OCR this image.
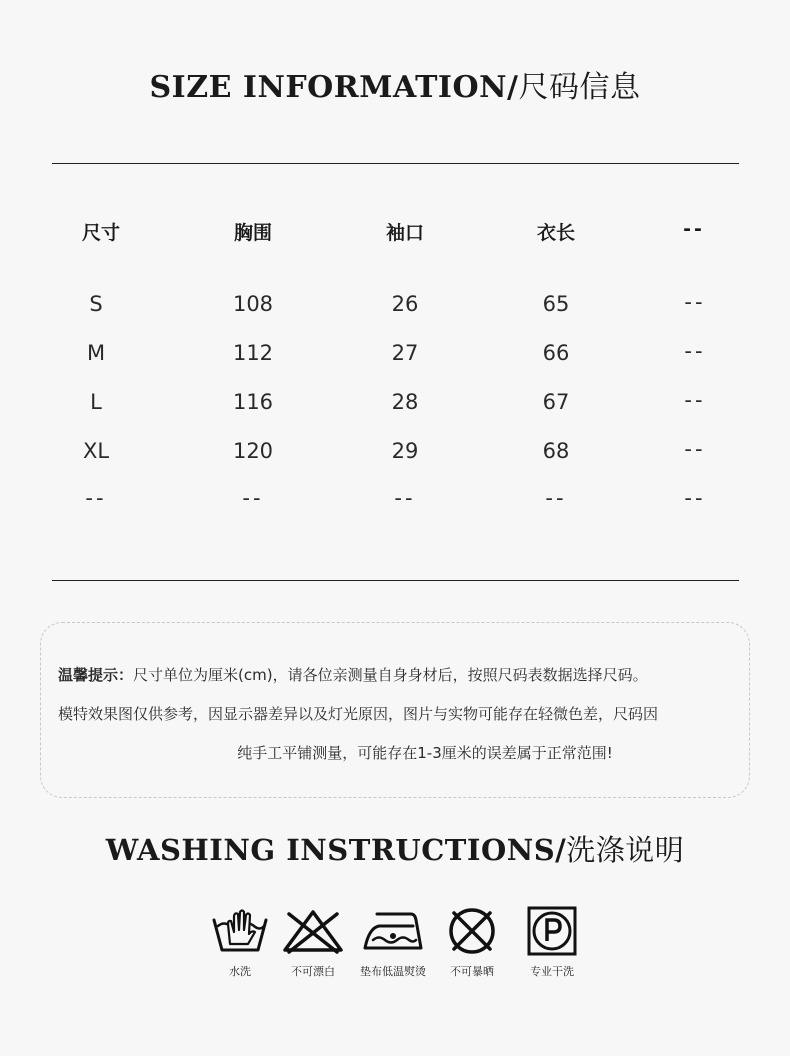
SIZE INFORMATION/尺码信息
尺寸	胸围	袖口	衣长	--
S	108	26	65	--
M	112	27	66	--
L	116	28	67	--
XL	120	29	68	--
--	--	--	--	--
温馨提示：尺寸单位为厘米(cm)，请各位亲测量自身身材后，按照尺码表数据选择尺码。
模特效果图仅供参考，因显示器差异以及灯光原因，图片与实物可能存在轻微色差，尺码因
纯手工平铺测量，可能存在1-3厘米的误差属于正常范围!
WASHING INSTRUCTIONS/洗涤说明
水洗	不可漂白	垫布低温熨烫	不可暴晒	专业干洗
